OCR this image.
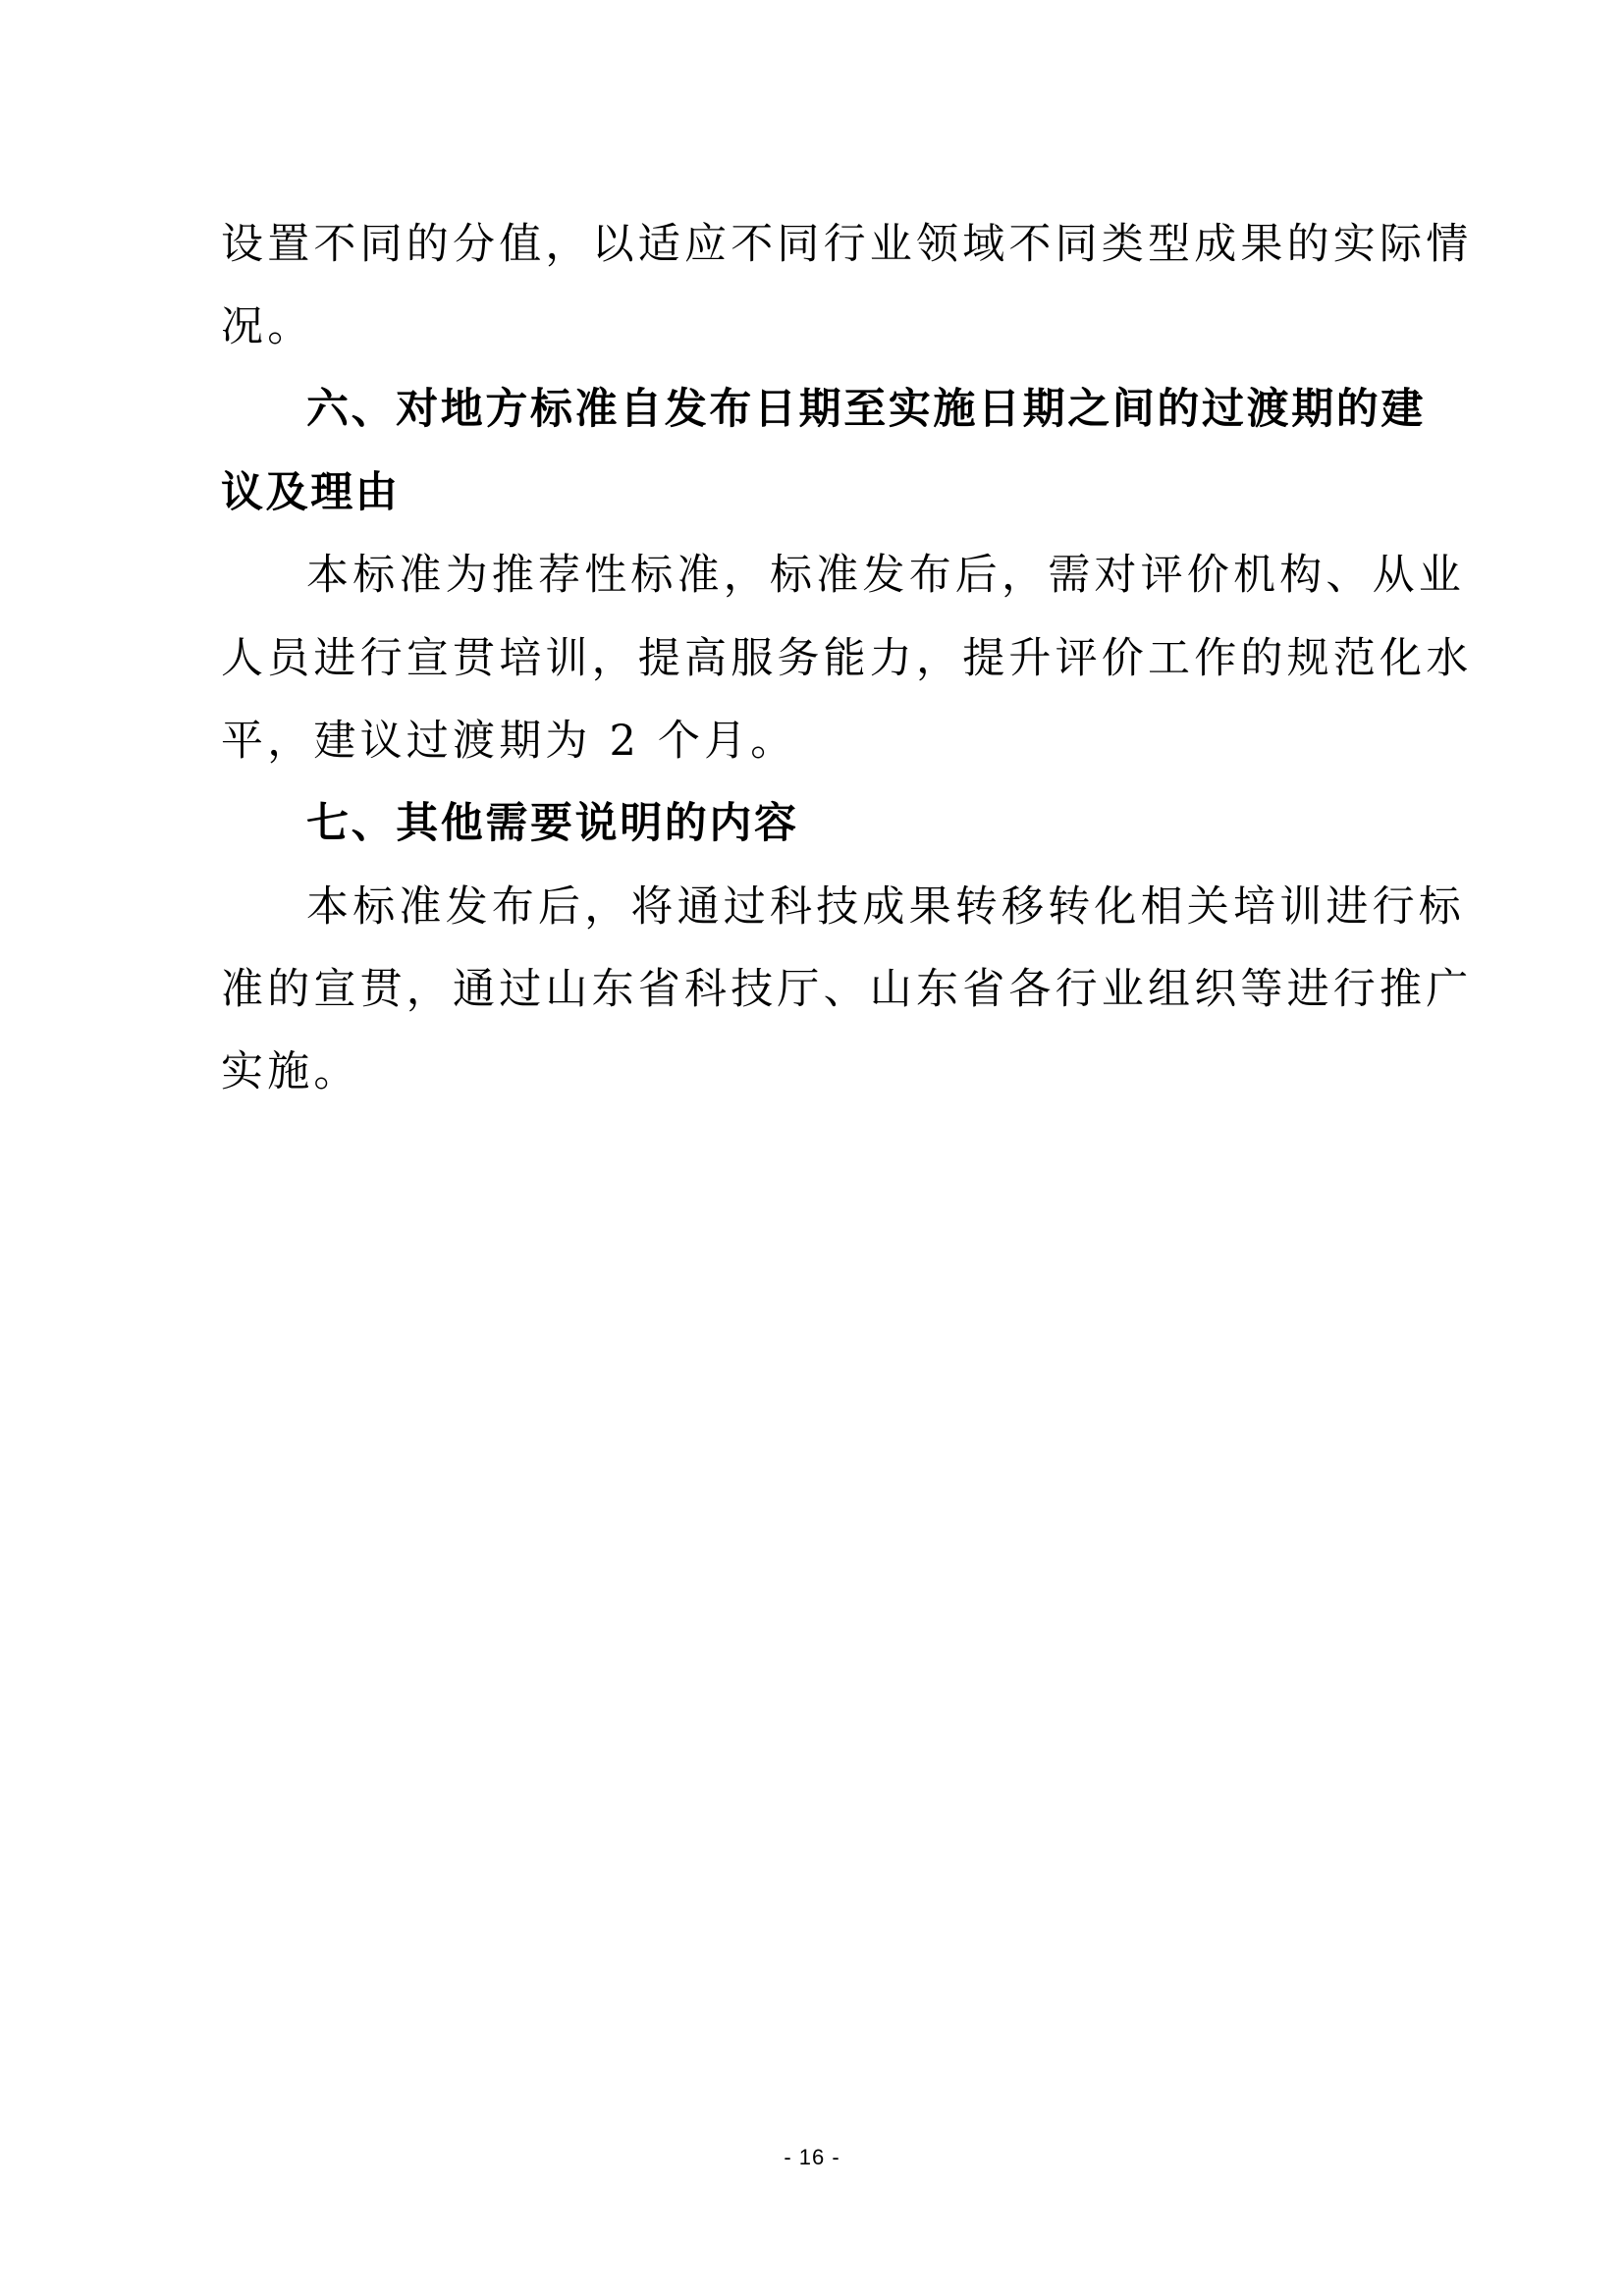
设置不同的分值，以适应不同行业领域不同类型成果的实际情
况。
六、对地方标准自发布日期至实施日期之间的过渡期的建
议及理由
本标准为推荐性标准，标准发布后，需对评价机构、从业
人员进行宣贯培训，提高服务能力，提升评价工作的规范化水
平，建议过渡期为 2 个月。
七、其他需要说明的内容
本标准发布后，将通过科技成果转移转化相关培训进行标
准的宣贯，通过山东省科技厅、山东省各行业组织等进行推广
实施。
- 16 -
